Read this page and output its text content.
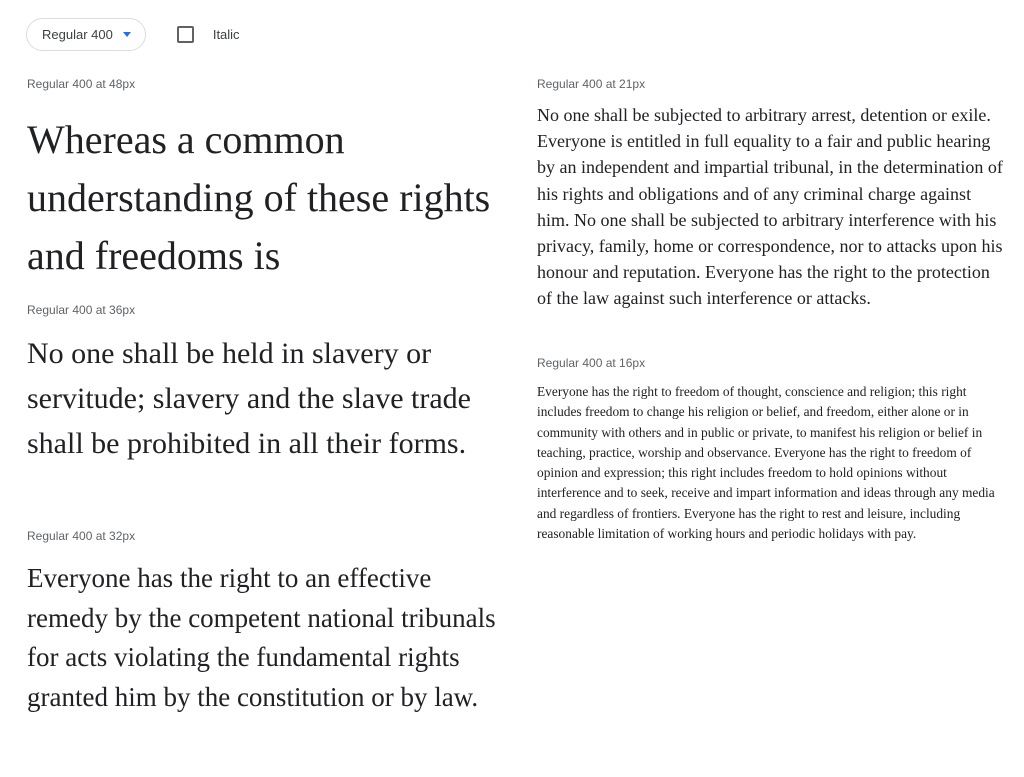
Regular 400	Italic
Regular 400 at 48px

Whereas a common understanding of these rights and freedoms is

Regular 400 at 36px

No one shall be held in slavery or servitude; slavery and the slave trade shall be prohibited in all their forms.

Regular 400 at 32px

Everyone has the right to an effective remedy by the competent national tribunals for acts violating the fundamental rights granted him by the constitution or by law.

Regular 400 at 21px

No one shall be subjected to arbitrary arrest, detention or exile. Everyone is entitled in full equality to a fair and public hearing by an independent and impartial tribunal, in the determination of his rights and obligations and of any criminal charge against him. No one shall be subjected to arbitrary interference with his privacy, family, home or correspondence, nor to attacks upon his honour and reputation. Everyone has the right to the protection of the law against such interference or attacks.

Regular 400 at 16px

Everyone has the right to freedom of thought, conscience and religion; this right includes freedom to change his religion or belief, and freedom, either alone or in community with others and in public or private, to manifest his religion or belief in teaching, practice, worship and observance. Everyone has the right to freedom of opinion and expression; this right includes freedom to hold opinions without interference and to seek, receive and impart information and ideas through any media and regardless of frontiers. Everyone has the right to rest and leisure, including reasonable limitation of working hours and periodic holidays with pay.
